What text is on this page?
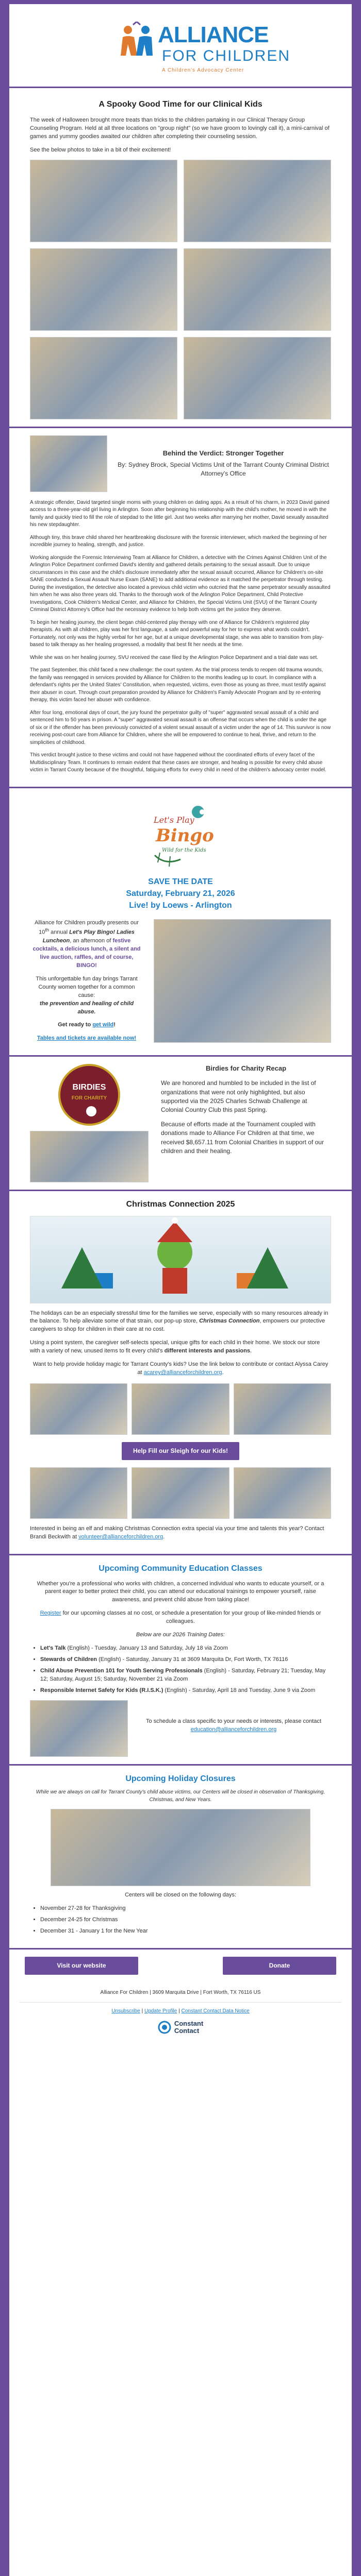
ALLIANCE
FOR CHILDREN
A Children's Advocacy Center
A Spooky Good Time for our Clinical Kids

The week of Halloween brought more treats than tricks to the children partaking in our Clinical Therapy Group Counseling Program. Held at all three locations on "group night" (so we have groom to lovingly call it), a mini-carnival of games and yummy goodies awaited our children after completing their counseling session.

See the below photos to take in a bit of their excitement!

Behind the Verdict: Stronger Together
By: Sydney Brock, Special Victims Unit of the Tarrant County Criminal District Attorney's Office

A strategic offender, David targeted single moms with young children on dating apps. As a result of his charm, in 2023 David gained access to a three-year-old girl living in Arlington. Soon after beginning his relationship with the child's mother, he moved in with the family and quickly tried to fill the role of stepdad to the little girl. Just two weeks after marrying her mother, David sexually assaulted his new stepdaughter.

Although tiny, this brave child shared her heartbreaking disclosure with the forensic interviewer, which marked the beginning of her incredible journey to healing, strength, and justice.

Working alongside the Forensic Interviewing Team at Alliance for Children, a detective with the Crimes Against Children Unit of the Arlington Police Department confirmed David's identity and gathered details pertaining to the sexual assault. Due to unique circumstances in this case and the child's disclosure immediately after the sexual assault occurred, Alliance for Children's on-site SANE conducted a Sexual Assault Nurse Exam (SANE) to add additional evidence as it matched the perpetrator through testing. During the investigation, the detective also located a previous child victim who outcried that the same perpetrator sexually assaulted him when he was also three years old. Thanks to the thorough work of the Arlington Police Department, Child Protective Investigations, Cook Children's Medical Center, and Alliance for Children, the Special Victims Unit (SVU) of the Tarrant County Criminal District Attorney's Office had the necessary evidence to help both victims get the justice they deserve.

To begin her healing journey, the client began child-centered play therapy with one of Alliance for Children's registered play therapists. As with all children, play was her first language, a safe and powerful way for her to express what words couldn't. Fortunately, not only was the highly verbal for her age, but at a unique developmental stage, she was able to transition from play-based to talk therapy as her healing progressed, a modality that best fit her needs at the time.

While she was on her healing journey, SVU received the case filed by the Arlington Police Department and a trial date was set.

The past September, this child faced a new challenge: the court system. As the trial process tends to reopen old trauma wounds, the family was reengaged in services provided by Alliance for Children to the months leading up to court. In compliance with a defendant's rights per the United States' Constitution, when requested, victims, even those as young as three, must testify against their abuser in court. Through court preparation provided by Alliance for Children's Family Advocate Program and by re-entering therapy, this victim faced her abuser with confidence.

After four long, emotional days of court, the jury found the perpetrator guilty of "super" aggravated sexual assault of a child and sentenced him to 50 years in prison. A "super" aggravated sexual assault is an offense that occurs when the child is under the age of six or if the offender has been previously convicted of a violent sexual assault of a victim under the age of 14. This survivor is now receiving post-court care from Alliance for Children, where she will be empowered to continue to heal, thrive, and return to the simplicities of childhood.

This verdict brought justice to these victims and could not have happened without the coordinated efforts of every facet of the Multidisciplinary Team. It continues to remain evident that these cases are stronger, and healing is possible for every child abuse victim in Tarrant County because of the thoughtful, fatiguing efforts for every child in need of the children's advocacy center model.

Let's Play
Bingo
Wild for the Kids
SAVE THE DATE
Saturday, February 21, 2026
Live! by Loews - Arlington

Alliance for Children proudly presents our 10th annual Let's Play Bingo! Ladies Luncheon, an afternoon of festive cocktails, a delicious lunch, a silent and live auction, raffles, and of course, BINGO!

This unforgettable fun day brings Tarrant County women together for a common cause:
the prevention and healing of child abuse.

Get ready to get wild!

Tables and tickets are available now!

BIRDIES
FOR CHARITY
Birdies for Charity Recap

We are honored and humbled to be included in the list of organizations that were not only highlighted, but also supported via the 2025 Charles Schwab Challenge at Colonial Country Club this past Spring.

Because of efforts made at the Tournament coupled with donations made to Alliance For Children at that time, we received $8,657.11 from Colonial Charities in support of our children and their healing.

Christmas Connection 2025

The holidays can be an especially stressful time for the families we serve, especially with so many resources already in the balance. To help alleviate some of that strain, our pop-up store, Christmas Connection, empowers our protective caregivers to shop for children in their care at no cost.

Using a point system, the caregiver self-selects special, unique gifts for each child in their home. We stock our store with a variety of new, unused items to fit every child's different interests and passions.

Want to help provide holiday magic for Tarrant County's kids? Use the link below to contribute or contact Alyssa Carey at acarey@allianceforchildren.org.

Help Fill our Sleigh for our Kids!

Interested in being an elf and making Christmas Connection extra special via your time and talents this year? Contact Brandi Beckwith at volunteer@allianceforchildren.org.

Upcoming Community Education Classes

Whether you're a professional who works with children, a concerned individual who wants to educate yourself, or a parent eager to better protect their child, you can attend our educational trainings to empower yourself, raise awareness, and prevent child abuse from taking place!

Register for our upcoming classes at no cost, or schedule a presentation for your group of like-minded friends or colleagues.

Below are our 2026 Training Dates:

• Let's Talk (English) - Tuesday, January 13 and Saturday, July 18 via Zoom
• Stewards of Children (English) - Saturday, January 31 at 3609 Marquita Dr, Fort Worth, TX 76116
• Child Abuse Prevention 101 for Youth Serving Professionals (English) - Saturday, February 21; Tuesday, May 12; Saturday, August 15; Saturday, November 21 via Zoom
• Responsible Internet Safety for Kids (R.I.S.K.) (English) - Saturday, April 18 and Tuesday, June 9 via Zoom

To schedule a class specific to your needs or interests, please contact education@allianceforchildren.org

Upcoming Holiday Closures

While we are always on call for Tarrant County's child abuse victims, our Centers will be closed in observation of Thanksgiving, Christmas, and New Years.

Centers will be closed on the following days:

• November 27-28 for Thanksgiving
• December 24-25 for Christmas
• December 31 - January 1 for the New Year
Visit our website	Donate
Alliance For Children | 3609 Marquita Drive | Fort Worth, TX 76116 US
Unsubscribe | Update Profile | Constant Contact Data Notice
Constant
Contact
